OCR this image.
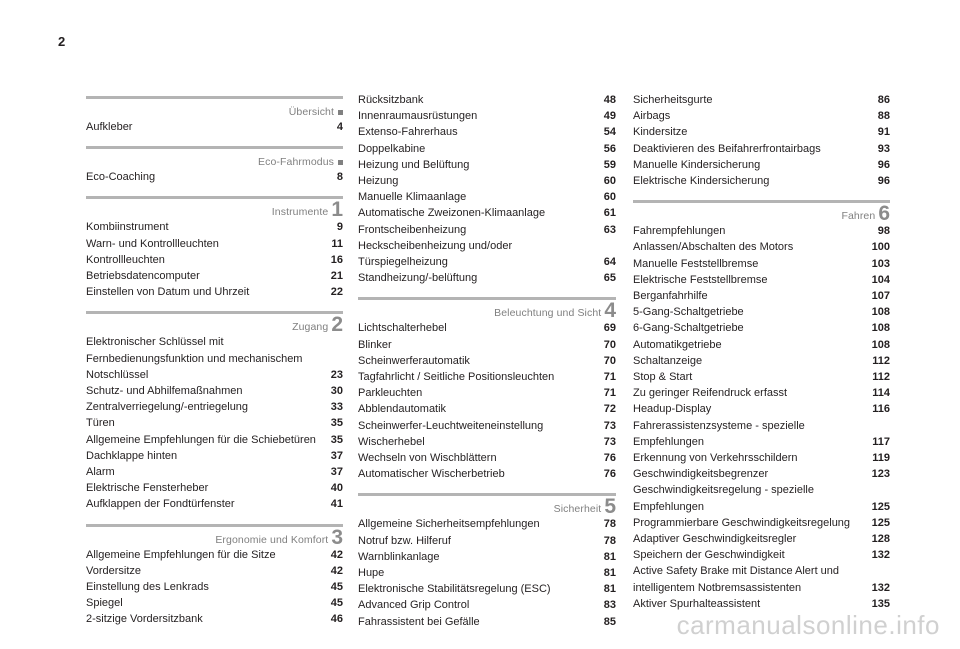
2
Übersicht
Aufkleber	4
Eco-Fahrmodus
Eco-Coaching	8
Instrumente 1
Kombiinstrument	9
Warn- und Kontrollleuchten	11
Kontrollleuchten	16
Betriebsdatencomputer	21
Einstellen von Datum und Uhrzeit	22
Zugang 2
Elektronischer Schlüssel mit Fernbedienungsfunktion und mechanischem Notschlüssel	23
Schutz- und Abhilfemaßnahmen	30
Zentralverriegelung/-entriegelung	33
Türen	35
Allgemeine Empfehlungen für die Schiebetüren	35
Dachklappe hinten	37
Alarm	37
Elektrische Fensterheber	40
Aufklappen der Fondtürfenster	41
Ergonomie und Komfort 3
Allgemeine Empfehlungen für die Sitze	42
Vordersitze	42
Einstellung des Lenkrads	45
Spiegel	45
2-sitzige Vordersitzbank	46
Rücksitzbank	48
Innenraumausrüstungen	49
Extenso-Fahrerhaus	54
Doppelkabine	56
Heizung und Belüftung	59
Heizung	60
Manuelle Klimaanlage	60
Automatische Zweizonen-Klimaanlage	61
Frontscheibenheizung	63
Heckscheibenheizung und/oder Türspiegelheizung	64
Standheizung/-belüftung	65
Beleuchtung und Sicht 4
Lichtschalterhebel	69
Blinker	70
Scheinwerferautomatik	70
Tagfahrlicht / Seitliche Positionsleuchten	71
Parkleuchten	71
Abblendautomatik	72
Scheinwerfer-Leuchtweiteneinstellung	73
Wischerhebel	73
Wechseln von Wischblättern	76
Automatischer Wischerbetrieb	76
Sicherheit 5
Allgemeine Sicherheitsempfehlungen	78
Notruf bzw. Hilferuf	78
Warnblinkanlage	81
Hupe	81
Elektronische Stabilitätsregelung (ESC)	81
Advanced Grip Control	83
Fahrassistent bei Gefälle	85
Sicherheitsgurte	86
Airbags	88
Kindersitze	91
Deaktivieren des Beifahrerfrontairbags	93
Manuelle Kindersicherung	96
Elektrische Kindersicherung	96
Fahren 6
Fahrempfehlungen	98
Anlassen/Abschalten des Motors	100
Manuelle Feststellbremse	103
Elektrische Feststellbremse	104
Berganfahrhilfe	107
5-Gang-Schaltgetriebe	108
6-Gang-Schaltgetriebe	108
Automatikgetriebe	108
Schaltanzeige	112
Stop & Start	112
Zu geringer Reifendruck erfasst	114
Headup-Display	116
Fahrerassistenzsysteme - spezielle Empfehlungen	117
Erkennung von Verkehrsschildern	119
Geschwindigkeitsbegrenzer	123
Geschwindigkeitsregelung - spezielle Empfehlungen	125
Programmierbare Geschwindigkeitsregelung	125
Adaptiver Geschwindigkeitsregler	128
Speichern der Geschwindigkeit	132
Active Safety Brake mit Distance Alert und intelligentem Notbremsassistenten	132
Aktiver Spurhalteassistent	135
carmanualsonline.info
